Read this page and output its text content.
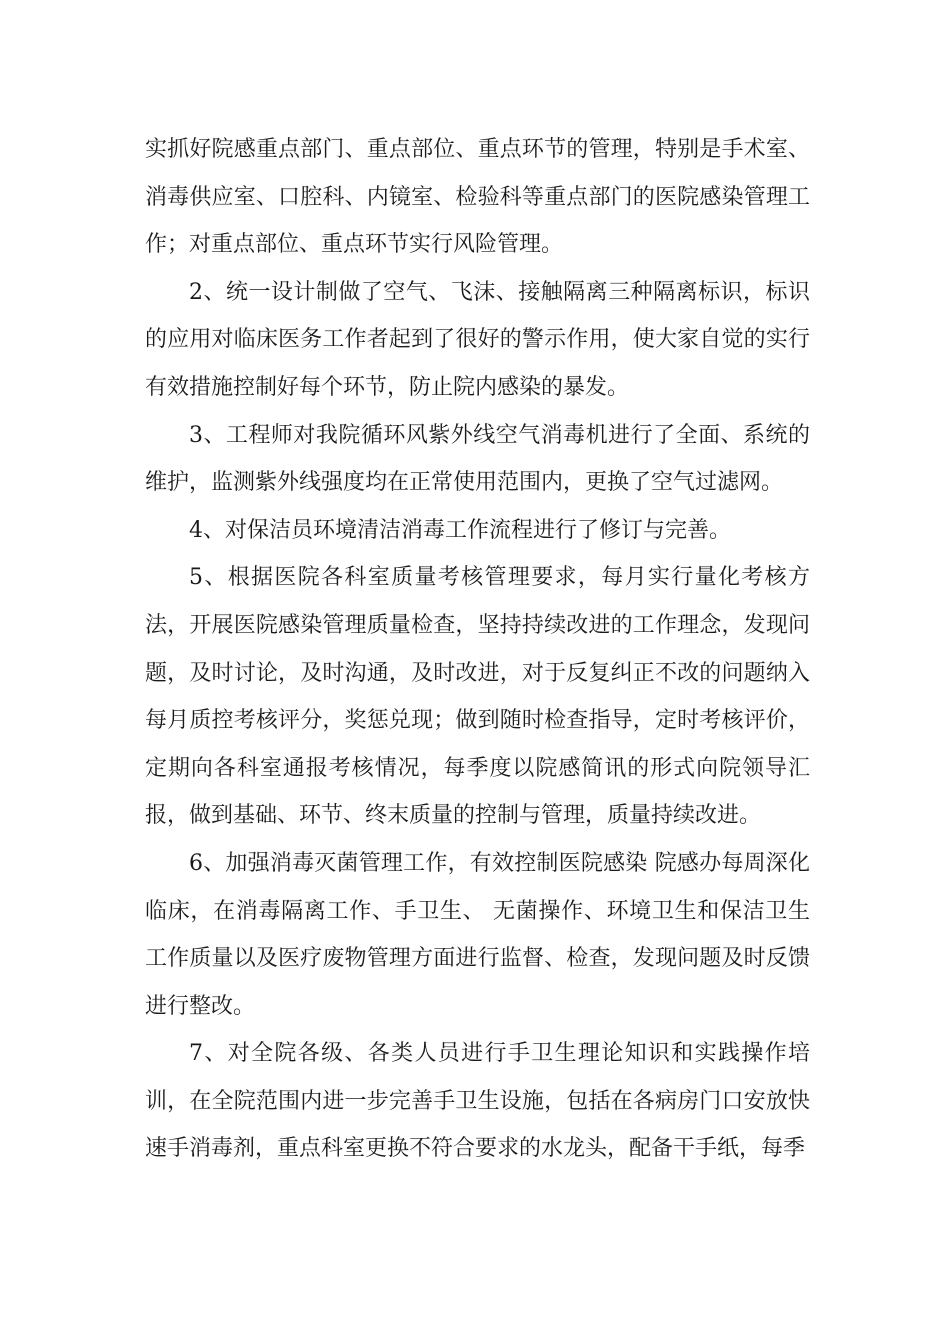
实抓好院感重点部门、重点部位、重点环节的管理，特别是手术室、消毒供应室、口腔科、内镜室、检验科等重点部门的医院感染管理工作；对重点部位、重点环节实行风险管理。

2、统一设计制做了空气、飞沫、接触隔离三种隔离标识，标识的应用对临床医务工作者起到了很好的警示作用，使大家自觉的实行有效措施控制好每个环节，防止院内感染的暴发。

3、工程师对我院循环风紫外线空气消毒机进行了全面、系统的维护，监测紫外线强度均在正常使用范围内，更换了空气过滤网。

4、对保洁员环境清洁消毒工作流程进行了修订与完善。

5、根据医院各科室质量考核管理要求，每月实行量化考核方法，开展医院感染管理质量检查，坚持持续改进的工作理念，发现问题，及时讨论，及时沟通，及时改进，对于反复纠正不改的问题纳入每月质控考核评分，奖惩兑现；做到随时检查指导，定时考核评价，定期向各科室通报考核情况，每季度以院感简讯的形式向院领导汇报，做到基础、环节、终末质量的控制与管理，质量持续改进。

6、加强消毒灭菌管理工作，有效控制医院感染 院感办每周深化临床，在消毒隔离工作、手卫生、 无菌操作、环境卫生和保洁卫生工作质量以及医疗废物管理方面进行监督、检查，发现问题及时反馈进行整改。

7、对全院各级、各类人员进行手卫生理论知识和实践操作培训，在全院范围内进一步完善手卫生设施，包括在各病房门口安放快速手消毒剂，重点科室更换不符合要求的水龙头，配备干手纸，每季
